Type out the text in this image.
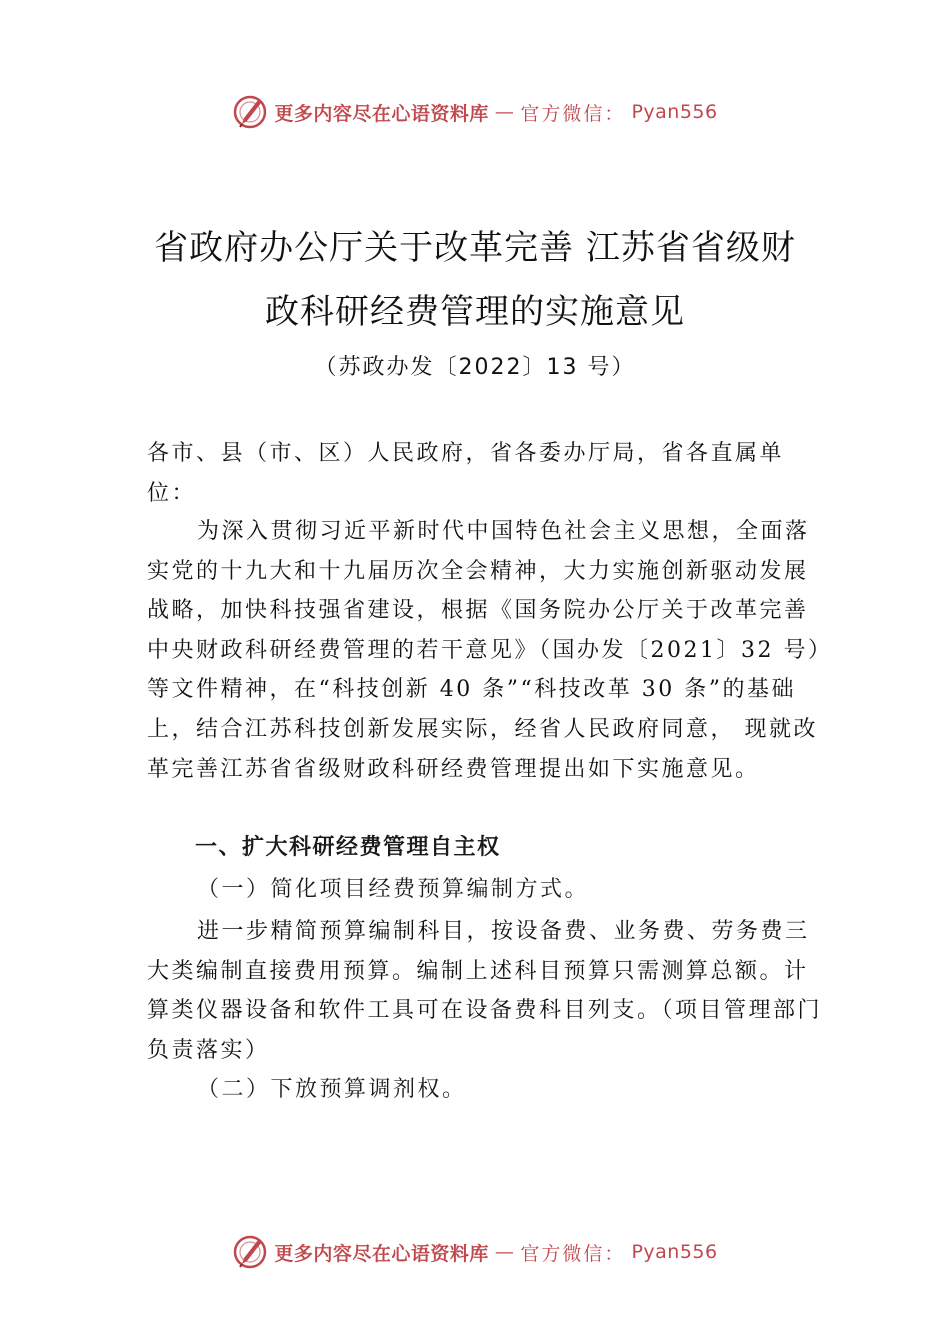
更多内容尽在心语资料库 — 官方微信： Pyan556
省政府办公厅关于改革完善 江苏省省级财
政科研经费管理的实施意见
（苏政办发〔2022〕13 号）

各市、县（市、区）人民政府，省各委办厅局，省各直属单位：

为深入贯彻习近平新时代中国特色社会主义思想，全面落实党的十九大和十九届历次全会精神，大力实施创新驱动发展战略，加快科技强省建设，根据《国务院办公厅关于改革完善中央财政科研经费管理的若干意见》（国办发〔2021〕32 号）等文件精神，在“科技创新 40 条”“科技改革 30 条”的基础上，结合江苏科技创新发展实际，经省人民政府同意， 现就改革完善江苏省省级财政科研经费管理提出如下实施意见。

一、扩大科研经费管理自主权

（一）简化项目经费预算编制方式。

进一步精简预算编制科目，按设备费、业务费、劳务费三大类编制直接费用预算。编制上述科目预算只需测算总额。计算类仪器设备和软件工具可在设备费科目列支。（项目管理部门负责落实）

（二）下放预算调剂权。

更多内容尽在心语资料库 — 官方微信： Pyan556
